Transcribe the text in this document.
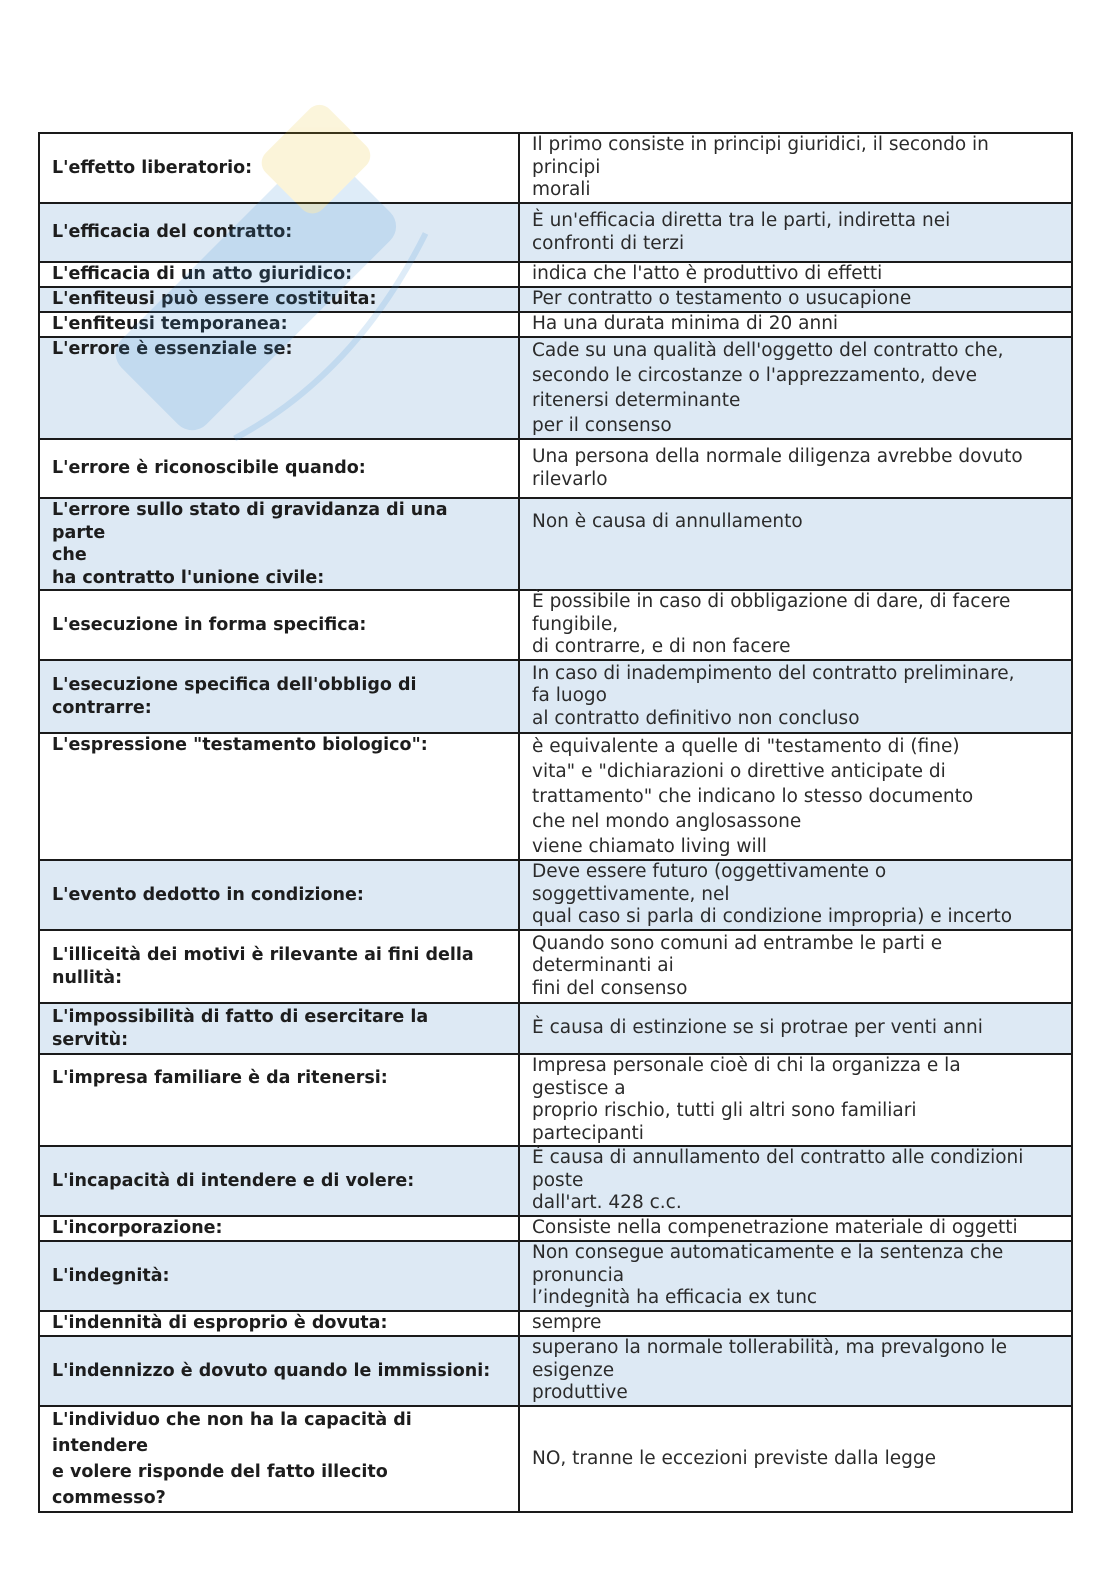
L'effetto liberatorio:	Il primo consiste in principi giuridici, il secondo in
principi
morali

L'efficacia del contratto:	È un'efficacia diretta tra le parti, indiretta nei
confronti di terzi

L'efficacia di un atto giuridico:	indica che l'atto è produttivo di effetti

L'enfiteusi può essere costituita:	Per contratto o testamento o usucapione

L'enfiteusi temporanea:	Ha una durata minima di 20 anni

L'errore è essenziale se:	Cade su una qualità dell'oggetto del contratto che,
secondo le circostanze o l'apprezzamento, deve
ritenersi determinante
per il consenso

L'errore è riconoscibile quando:	Una persona della normale diligenza avrebbe dovuto
rilevarlo

L'errore sullo stato di gravidanza di una parte
che
ha contratto l'unione civile:	Non è causa di annullamento

L'esecuzione in forma specifica:	È possibile in caso di obbligazione di dare, di facere
fungibile,
di contrarre, e di non facere

L'esecuzione specifica dell'obbligo di contrarre:	In caso di inadempimento del contratto preliminare,
fa luogo
al contratto definitivo non concluso

L'espressione "testamento biologico":	è equivalente a quelle di "testamento di (fine)
vita" e "dichiarazioni o direttive anticipate di
trattamento" che indicano lo stesso documento
che nel mondo anglosassone
viene chiamato living will

L'evento dedotto in condizione:	Deve essere futuro (oggettivamente o
soggettivamente, nel
qual caso si parla di condizione impropria) e incerto

L'illiceità dei motivi è rilevante ai fini della
nullità:	Quando sono comuni ad entrambe le parti e
determinanti ai
fini del consenso

L'impossibilità di fatto di esercitare la servitù:	È causa di estinzione se si protrae per venti anni

L'impresa familiare è da ritenersi:	Impresa personale cioè di chi la organizza e la
gestisce a
proprio rischio, tutti gli altri sono familiari
partecipanti

L'incapacità di intendere e di volere:	È causa di annullamento del contratto alle condizioni
poste
dall'art. 428 c.c.

L'incorporazione:	Consiste nella compenetrazione materiale di oggetti

L'indegnità:	Non consegue automaticamente e la sentenza che
pronuncia
l’indegnità ha efficacia ex tunc

L'indennità di esproprio è dovuta:	sempre

L'indennizzo è dovuto quando le immissioni:	superano la normale tollerabilità, ma prevalgono le
esigenze
produttive

L'individuo che non ha la capacità di intendere
e volere risponde del fatto illecito commesso?	NO, tranne le eccezioni previste dalla legge
